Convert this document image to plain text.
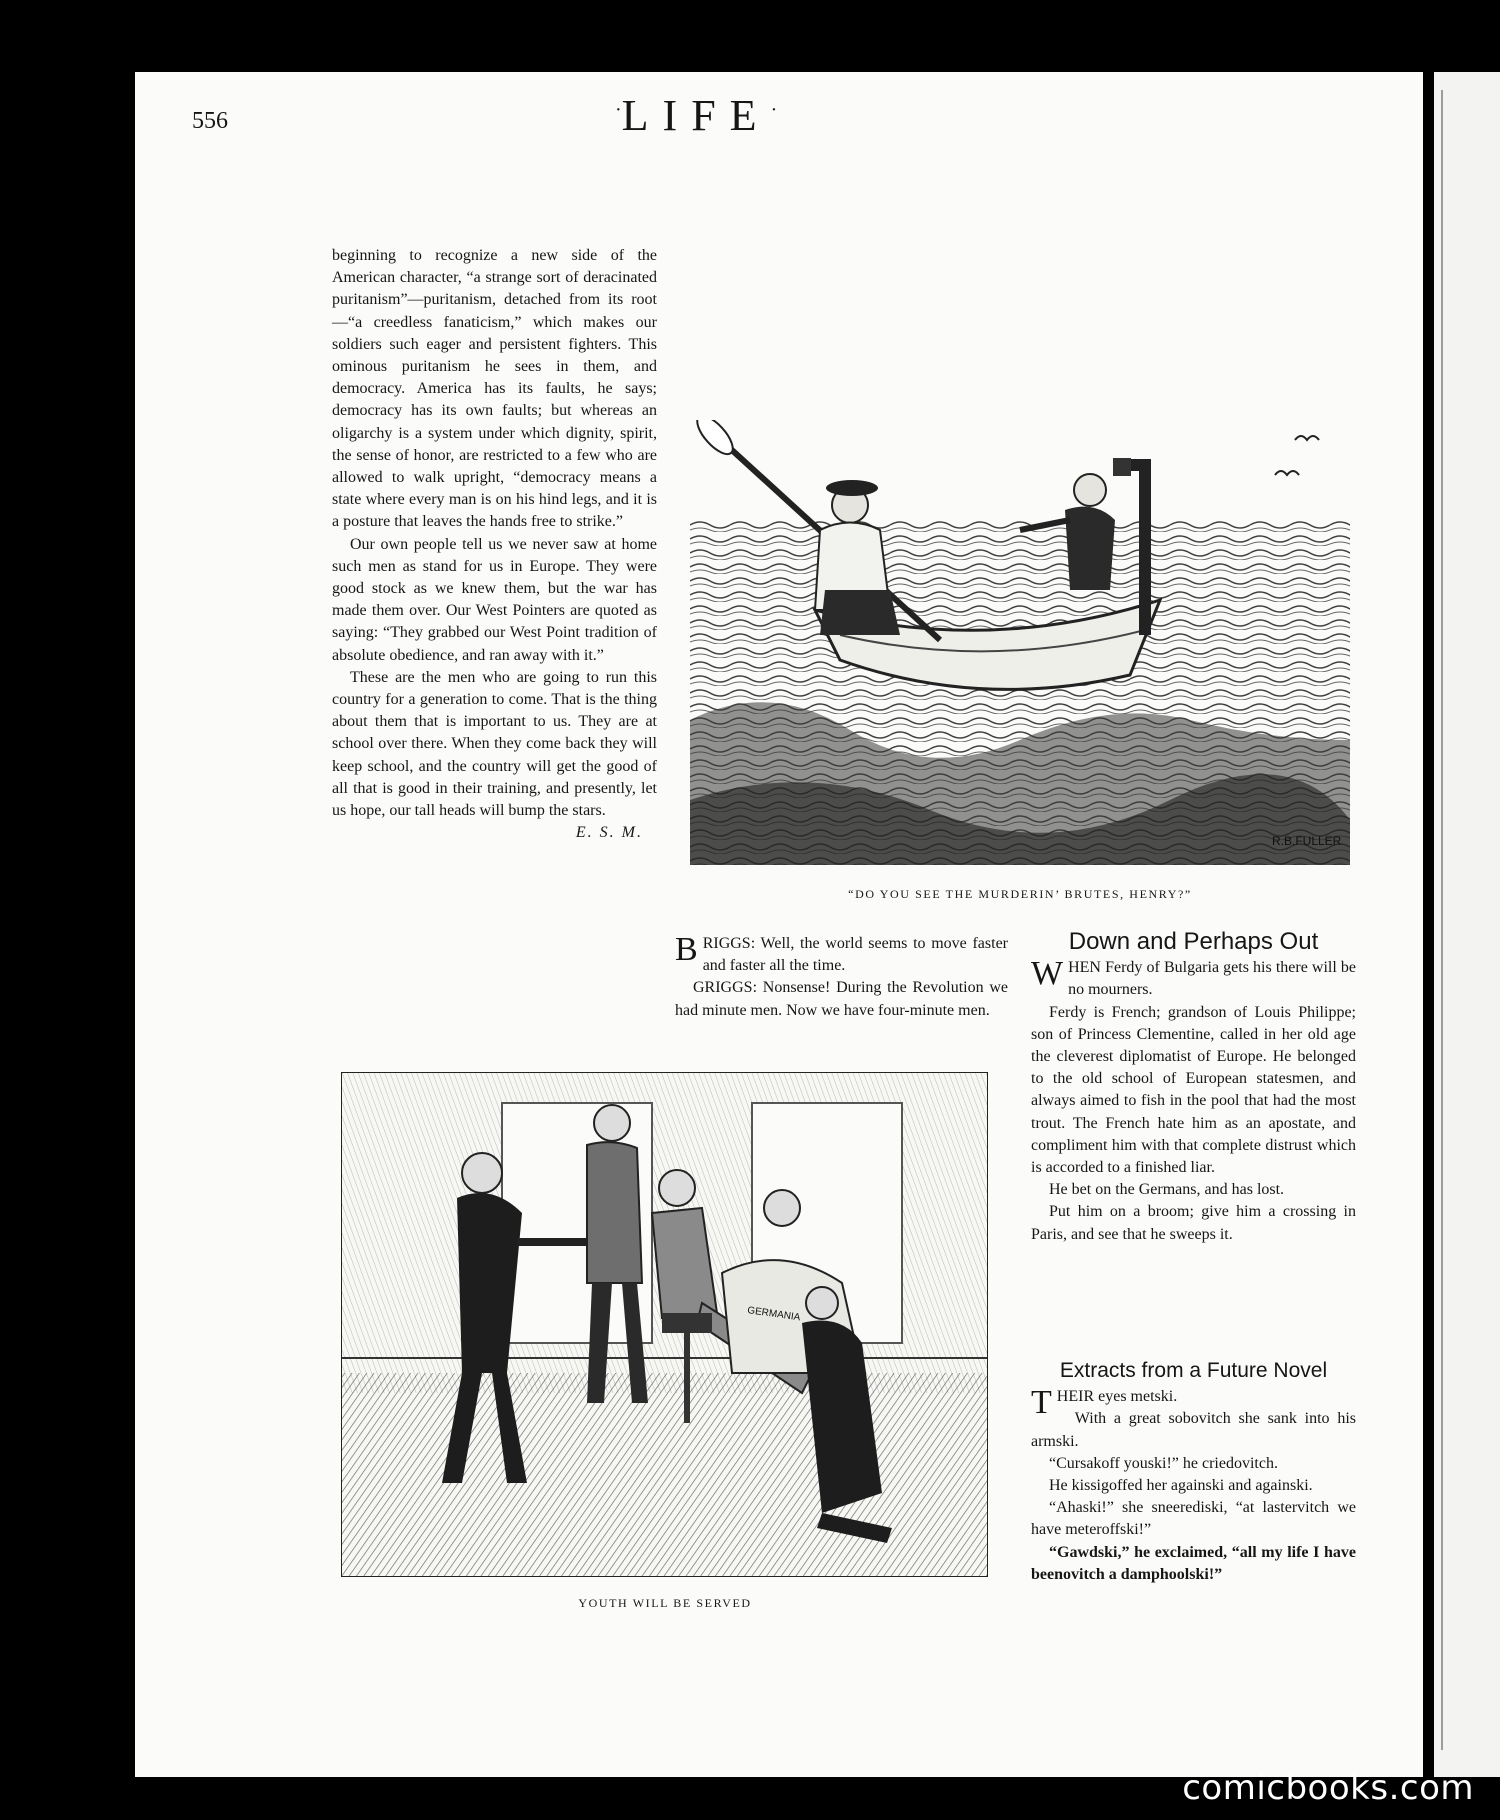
556	·LIFE·

beginning to recognize a new side of the American character, “a strange sort of deracinated puritanism”—puritanism, detached from its root—“a creedless fanaticism,” which makes our soldiers such eager and persistent fighters. This ominous puritanism he sees in them, and democracy. America has its faults, he says; democracy has its own faults; but whereas an oligarchy is a system under which dignity, spirit, the sense of honor, are restricted to a few who are allowed to walk upright, “democracy means a state where every man is on his hind legs, and it is a posture that leaves the hands free to strike.”

Our own people tell us we never saw at home such men as stand for us in Europe. They were good stock as we knew them, but the war has made them over. Our West Pointers are quoted as saying: “They grabbed our West Point tradition of absolute obedience, and ran away with it.”

These are the men who are going to run this country for a generation to come. That is the thing about them that is important to us. They are at school over there. When they come back they will keep school, and the country will get the good of all that is good in their training, and presently, let us hope, our tall heads will bump the stars.

E. S. M.	R.B.FULLER
“DO YOU SEE THE MURDERIN’ BRUTES, HENRY?”

BRIGGS: Well, the world seems to move faster and faster all the time.

GRIGGS: Nonsense! During the Revolution we had minute men. Now we have four-minute men.

GERMANIA
YOUTH WILL BE SERVED
Down and Perhaps Out

WHEN Ferdy of Bulgaria gets his there will be no mourners.

Ferdy is French; grandson of Louis Philippe; son of Princess Clementine, called in her old age the cleverest diplomatist of Europe. He belonged to the old school of European statesmen, and always aimed to fish in the pool that had the most trout. The French hate him as an apostate, and compliment him with that complete distrust which is accorded to a finished liar.

He bet on the Germans, and has lost.

Put him on a broom; give him a crossing in Paris, and see that he sweeps it.

Extracts from a Future Novel

THEIR eyes metski.

With a great sobovitch she sank into his armski.

“Cursakoff youski!” he criedovitch.

He kissigoffed her againski and againski.

“Ahaski!” she sneerediski, “at lastervitch we have meteroffski!”

“Gawdski,” he exclaimed, “all my life I have beenovitch a damphoolski!”

comicbooks.com
